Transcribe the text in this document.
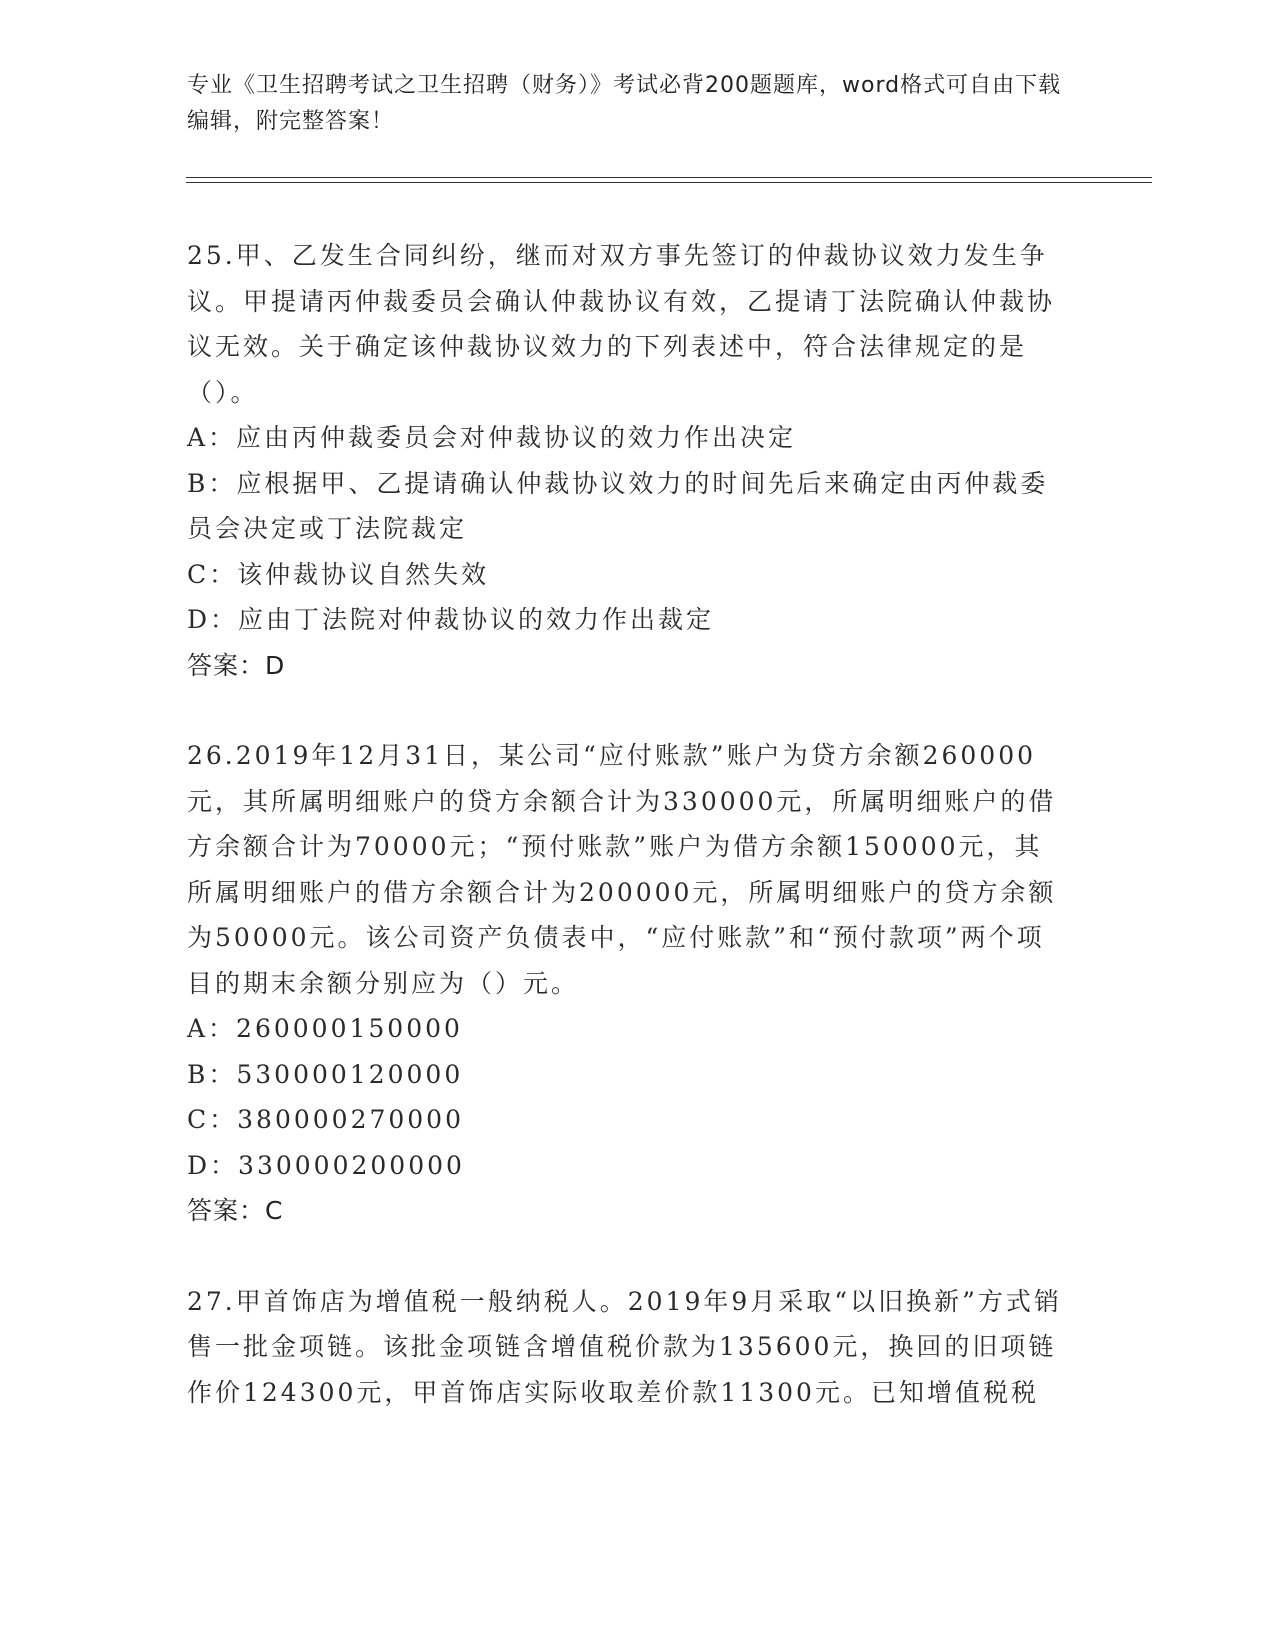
专业《卫生招聘考试之卫生招聘（财务）》考试必背200题题库，word格式可自由下载编辑，附完整答案！

25.甲、乙发生合同纠纷，继而对双方事先签订的仲裁协议效力发生争议。甲提请丙仲裁委员会确认仲裁协议有效，乙提请丁法院确认仲裁协议无效。关于确定该仲裁协议效力的下列表述中，符合法律规定的是（）。

A：应由丙仲裁委员会对仲裁协议的效力作出决定

B：应根据甲、乙提请确认仲裁协议效力的时间先后来确定由丙仲裁委员会决定或丁法院裁定

C：该仲裁协议自然失效

D：应由丁法院对仲裁协议的效力作出裁定

答案：D

26.2019年12月31日，某公司“应付账款”账户为贷方余额260000元，其所属明细账户的贷方余额合计为330000元，所属明细账户的借方余额合计为70000元；“预付账款”账户为借方余额150000元，其所属明细账户的借方余额合计为200000元，所属明细账户的贷方余额为50000元。该公司资产负债表中，“应付账款”和“预付款项”两个项目的期末余额分别应为（）元。

A：260000150000

B：530000120000

C：380000270000

D：330000200000

答案：C

27.甲首饰店为增值税一般纳税人。2019年9月采取“以旧换新”方式销售一批金项链。该批金项链含增值税价款为135600元，换回的旧项链作价124300元，甲首饰店实际收取差价款11300元。已知增值税税
